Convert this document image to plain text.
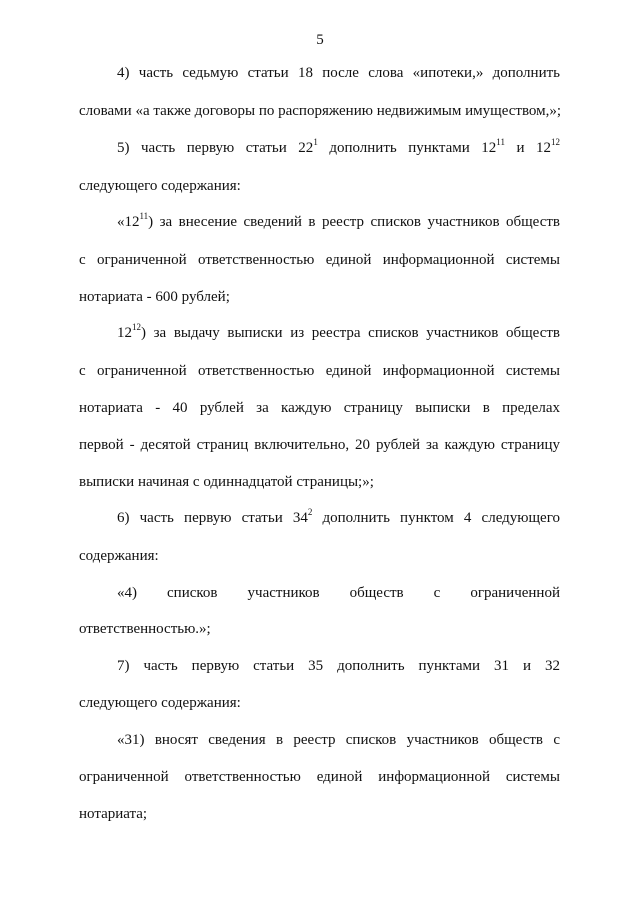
5
4) часть седьмую статьи 18 после слова «ипотеки,» дополнить
словами «а также договоры по распоряжению недвижимым имуществом,»;
5) часть первую статьи $22^1$ дополнить пунктами $12^{11}$ и $12^{12}$
следующего содержания:
«$12^{11}$) за внесение сведений в реестр списков участников обществ
с ограниченной ответственностью единой информационной системы
нотариата - 600 рублей;
$12^{12}$) за выдачу выписки из реестра списков участников обществ
с ограниченной ответственностью единой информационной системы
нотариата - 40 рублей за каждую страницу выписки в пределах
первой - десятой страниц включительно, 20 рублей за каждую страницу
выписки начиная с одиннадцатой страницы;»;
6) часть первую статьи $34^2$ дополнить пунктом 4 следующего
содержания:
«4) списков участников обществ с ограниченной
ответственностью.»;
7) часть первую статьи 35 дополнить пунктами 31 и 32
следующего содержания:
«31) вносят сведения в реестр списков участников обществ с
ограниченной ответственностью единой информационной системы
нотариата;
